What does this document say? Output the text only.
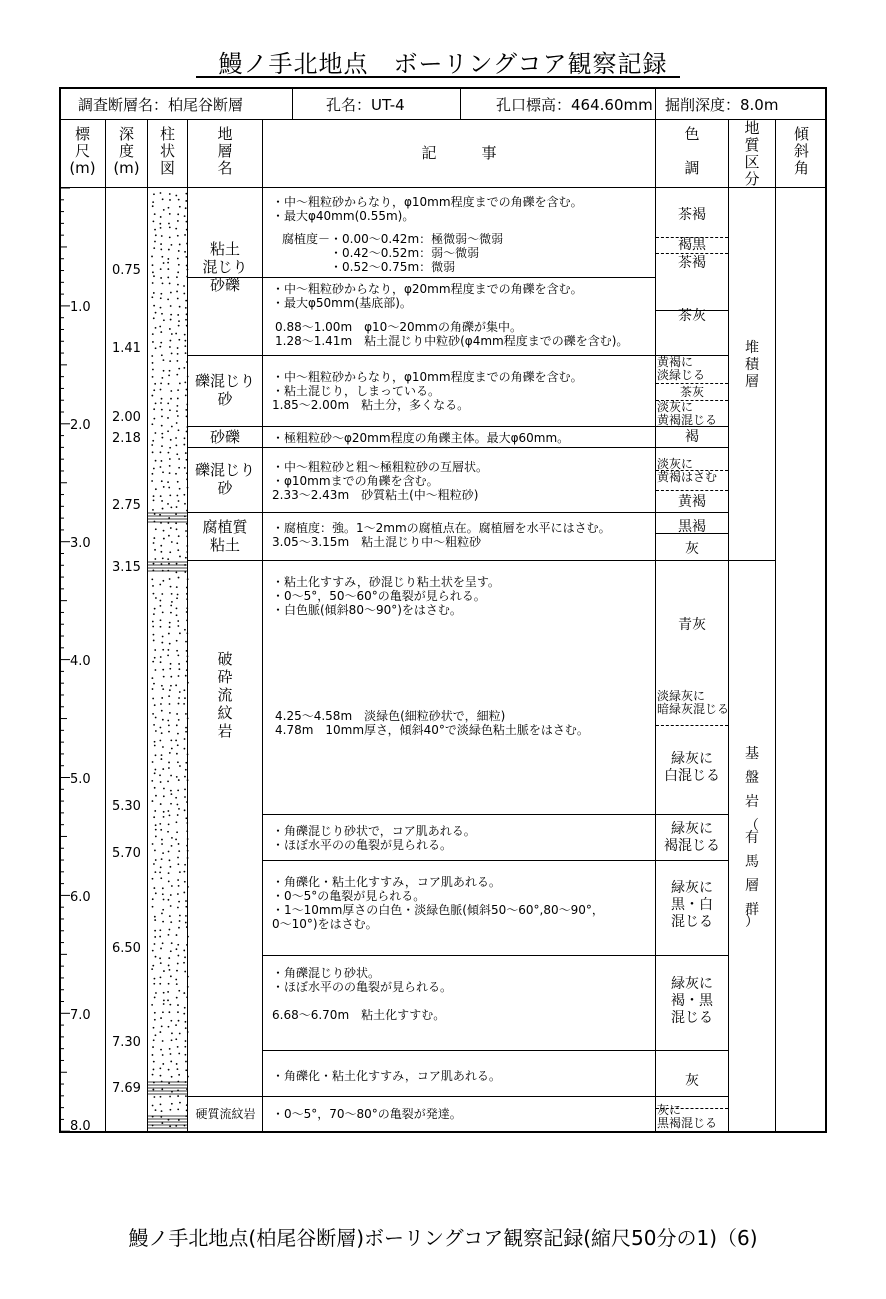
鰻ノ手北地点　ボーリングコア観察記録
調査断層名：柏尾谷断層	孔名：UT-4	孔口標高：464.60mm 掘削深度：8.0m
標
尺
(m)
深
度
(m)
柱
状
図
地
層
名
記　　　事
色

調
地
質
区
分
傾
斜
角
1.0
2.0
3.0
4.0
5.0
6.0
7.0
8.0
0.75
1.41
2.00
2.18
2.75
3.15
5.30
5.70
6.50
7.30
7.69
粘土
混じり
砂礫
礫混じり
砂
砂礫
礫混じり
砂
腐植質
粘土
破
砕
流
紋
岩
硬質流紋岩
・中～粗粒砂からなり，φ10mm程度までの角礫を含む。
・最大φ40mm(0.55m)。
腐植度－・0.00～0.42m：極微弱～微弱
　　　　・0.42～0.52m：弱～微弱
　　　　・0.52～0.75m：微弱
・中～粗粒砂からなり，φ20mm程度までの角礫を含む。
・最大φ50mm(基底部)。
0.88～1.00m　φ10～20mmの角礫が集中。
1.28～1.41m　粘土混じり中粒砂(φ4mm程度までの礫を含む)。
・中～粗粒砂からなり，φ10mm程度までの角礫を含む。
・粘土混じり，しまっている。
1.85～2.00m　粘土分，多くなる。
・極粗粒砂～φ20mm程度の角礫主体。最大φ60mm。
・中～粗粒砂と粗～極粗粒砂の互層状。
・φ10mmまでの角礫を含む。
2.33～2.43m　砂質粘土(中～粗粒砂)
・腐植度：強。1～2mmの腐植点在。腐植層を水平にはさむ。
3.05～3.15m　粘土混じり中～粗粒砂
・粘土化すすみ，砂混じり粘土状を呈す。
・0～5°，50～60°の亀裂が見られる。
・白色脈(傾斜80～90°)をはさむ。
4.25～4.58m　淡緑色(細粒砂状で，細粒)
4.78m　10mm厚さ，傾斜40°で淡緑色粘土脈をはさむ。
・角礫混じり砂状で，コア肌あれる。
・ほぼ水平のの亀裂が見られる。
・角礫化・粘土化すすみ，コア肌あれる。
・0～5°の亀裂が見られる。
・1～10mm厚さの白色・淡緑色脈(傾斜50～60°,80～90°，
0～10°)をはさむ。
・角礫混じり砂状。
・ほぼ水平のの亀裂が見られる。

6.68～6.70m　粘土化すすむ。
・角礫化・粘土化すすみ，コア肌あれる。
・0～5°，70～80°の亀裂が発達。
茶褐
褐黒
茶褐
茶灰
黄褐に
淡緑じる
茶灰
淡灰に
黄褐混じる
褐
淡灰に
黄褐はさむ
黄褐
黒褐
灰
青灰
淡緑灰に
暗緑灰混じる
緑灰に
白混じる
緑灰に
褐混じる
緑灰に
黒・白
混じる
緑灰に
褐・黒
混じる
灰
灰に
黒褐混じる
堆
積
層
基

盤

岩

（
有

馬

層

群
）
鰻ノ手北地点(柏尾谷断層)ボーリングコア観察記録(縮尺50分の1)（6)
